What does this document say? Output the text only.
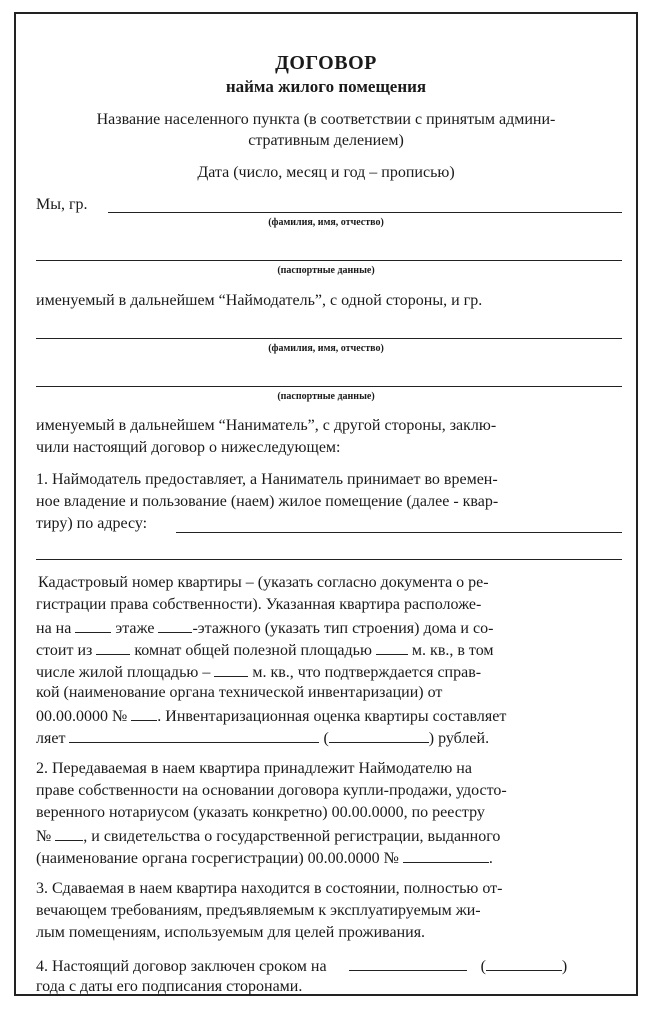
ДОГОВОР
найма жилого помещения
Название населенного пункта (в соответствии с принятым админи-
стративным делением)
Дата (число, месяц и год – прописью)
Мы, гр.
(фамилия, имя, отчество)
(паспортные данные)
именуемый в дальнейшем “Наймодатель”, с одной стороны, и гр.
(фамилия, имя, отчество)
(паспортные данные)
именуемый в дальнейшем “Наниматель”, с другой стороны, заклю-
чили настоящий договор о нижеследующем:
1. Наймодатель предоставляет, а Наниматель принимает во времен-
ное владение и пользование (наем) жилое помещение (далее - квар-
тиру) по адресу:
Кадастровый номер квартиры – (указать согласно документа о ре-
гистрации права собственности). Указанная квартира расположе-
на на	этаже -этажного (указать тип строения) дома и со-
стоит из	комнат общей полезной площадью	м. кв., в том
числе жилой площадью –	м. кв., что подтверждается справ-
кой (наименование органа технической инвентаризации) от
00.00.0000 № . Инвентаризационная оценка квартиры составляет
ляет	(	) рублей.
2. Передаваемая в наем квартира принадлежит Наймодателю на
праве собственности на основании договора купли-продажи, удосто-
веренного нотариусом (указать конкретно) 00.00.0000, по реестру
№ , и свидетельства о государственной регистрации, выданного
(наименование органа госрегистрации) 00.00.0000 №	.
3. Сдаваемая в наем квартира находится в состоянии, полностью от-
вечающем требованиям, предъявляемым к эксплуатируемым жи-
лым помещениям, используемым для целей проживания.
4. Настоящий договор заключен сроком на	(	)
года с даты его подписания сторонами.
